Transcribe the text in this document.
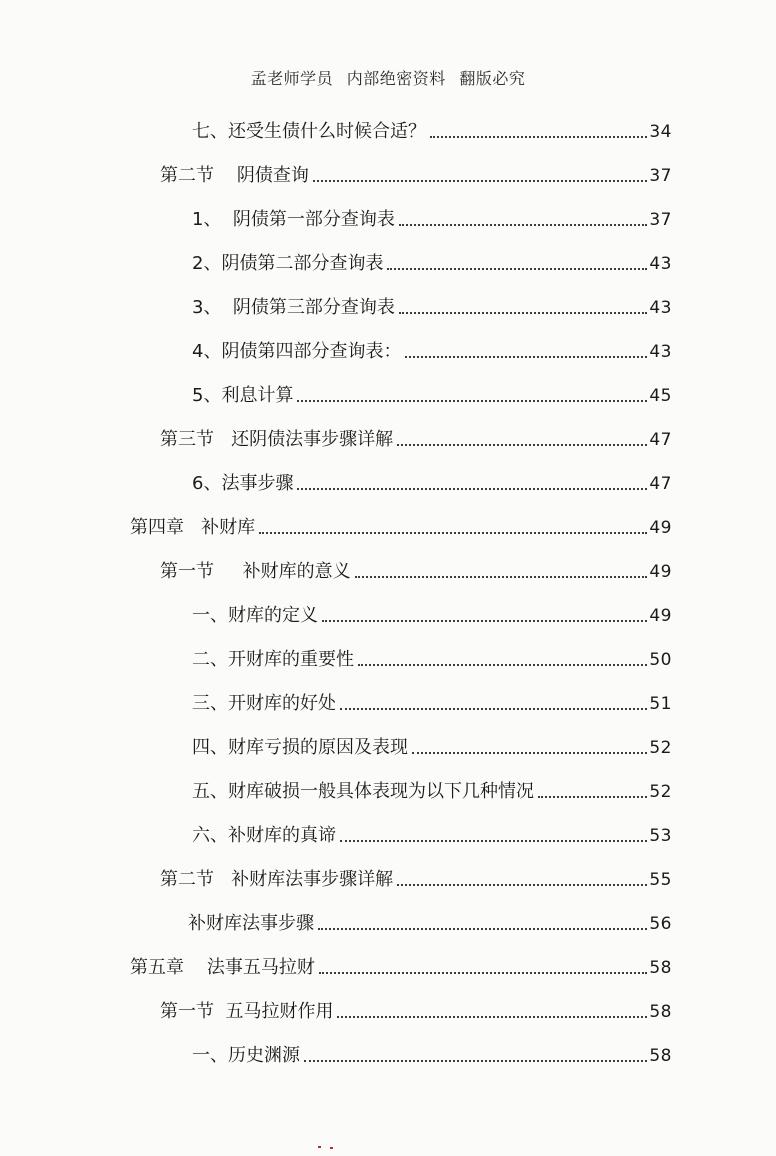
孟老师学员 内部绝密资料 翻版必究
七、还受生债什么时候合适？	34
第二节    阴债查询	37
1、  阴债第一部分查询表	37
2、阴债第二部分查询表	43
3、  阴债第三部分查询表	43
4、阴债第四部分查询表：	43
5、利息计算	45
第三节   还阴债法事步骤详解	47
6、法事步骤	47
第四章   补财库	49
第一节     补财库的意义	49
一、财库的定义	49
二、开财库的重要性	50
三、开财库的好处	51
四、财库亏损的原因及表现	52
五、财库破损一般具体表现为以下几种情况	52
六、补财库的真谛	53
第二节   补财库法事步骤详解	55
补财库法事步骤	56
第五章    法事五马拉财	58
第一节  五马拉财作用	58
一、历史渊源	58
